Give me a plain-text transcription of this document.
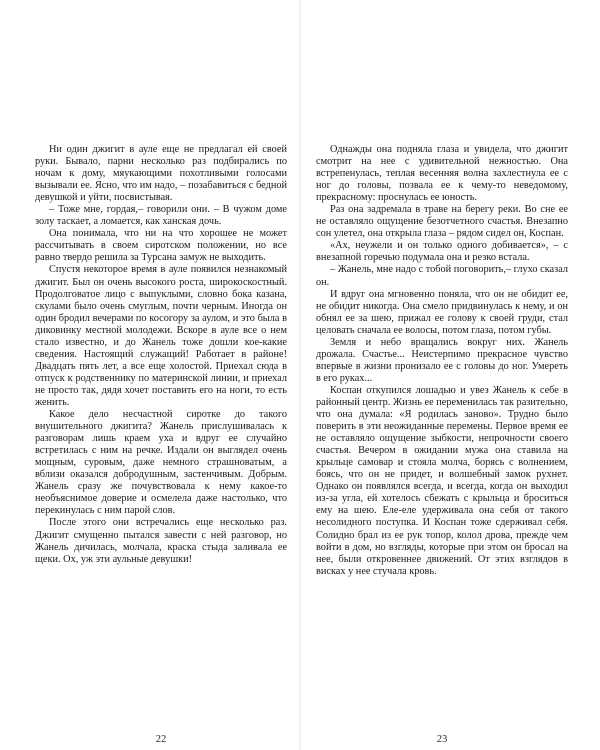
Ни один джигит в ауле еще не предлагал ей своей руки. Бывало, парни несколько раз подбирались по ночам к дому, мяукающими похотливыми голосами вызывали ее. Ясно, что им надо, – позабавиться с бедной девушкой и уйти, посвистывая.

– Тоже мне, гордая,– говорили они. – В чужом доме золу таскает, а ломается, как ханская дочь.

Она понимала, что ни на что хорошее не может рассчитывать в своем сиротском положении, но все равно твердо решила за Турсана замуж не выходить.

Спустя некоторое время в ауле появился незнакомый джигит. Был он очень высокого роста, широкоскостный. Продолговатое лицо с выпуклыми, словно бока казана, скулами было очень смуглым, почти черным. Иногда он один бродил вечерами по косогору за аулом, и это была в диковинку местной молодежи. Вскоре в ауле все о нем стало известно, и до Жанель тоже дошли кое-какие сведения. Настоящий служащий! Работает в районе! Двадцать пять лет, а все еще холостой. Приехал сюда в отпуск к родственнику по материнской линии, и приехал не просто так, дядя хочет поставить его на ноги, то есть женить.

Какое дело несчастной сиротке до такого внушительного джигита? Жанель прислушивалась к разговорам лишь краем уха и вдруг ее случайно встретилась с ним на речке. Издали он выглядел очень мощным, суровым, даже немного страшноватым, а вблизи оказался добродушным, застенчивым. Добрым. Жанель сразу же почувствовала к нему какое-то необъяснимое доверие и осмелела даже настолько, что перекинулась с ним парой слов.

После этого они встречались еще несколько раз. Джигит смущенно пытался завести с ней разговор, но Жанель дичилась, молчала, краска стыда заливала ее щеки. Ох, уж эти аульные девушки!

22

Однажды она подняла глаза и увидела, что джигит смотрит на нее с удивительной нежностью. Она встрепенулась, теплая весенняя волна захлестнула ее с ног до головы, позвала ее к чему-то неведомому, прекрасному: проснулась ее юность.

Раз она задремала в траве на берегу реки. Во сне ее не оставляло ощущение безотчетного счастья. Внезапно сон улетел, она открыла глаза – рядом сидел он, Коспан.

«Ах, неужели и он только одного добивается», – с внезапной горечью подумала она и резко встала.

– Жанель, мне надо с тобой поговорить,– глухо сказал он.

И вдруг она мгновенно поняла, что он не обидит ее, не обидит никогда. Она смело придвинулась к нему, и он обнял ее за шею, прижал ее голову к своей груди, стал целовать сначала ее волосы, потом глаза, потом губы.

Земля и небо вращались вокруг них. Жанель дрожала. Счастье... Неистерпимо прекрасное чувство впервые в жизни пронизало ее с головы до ног. Умереть в его руках...

Коспан откупился лошадью и увез Жанель к себе в районный центр. Жизнь ее переменилась так разительно, что она думала: «Я родилась заново». Трудно было поверить в эти неожиданные перемены. Первое время ее не оставляло ощущение зыбкости, непрочности своего счастья. Вечером в ожидании мужа она ставила на крыльце самовар и стояла молча, борясь с волнением, боясь, что он не придет, и волшебный замок рухнет. Однако он появлялся всегда, и всегда, когда он выходил из-за угла, ей хотелось сбежать с крыльца и броситься ему на шею. Еле-еле удерживала она себя от такого несолидного поступка. И Коспан тоже сдерживал себя. Солидно брал из ее рук топор, колол дрова, прежде чем войти в дом, но взгляды, которые при этом он бросал на нее, были откровеннее движений. От этих взглядов в висках у нее стучала кровь.

23
